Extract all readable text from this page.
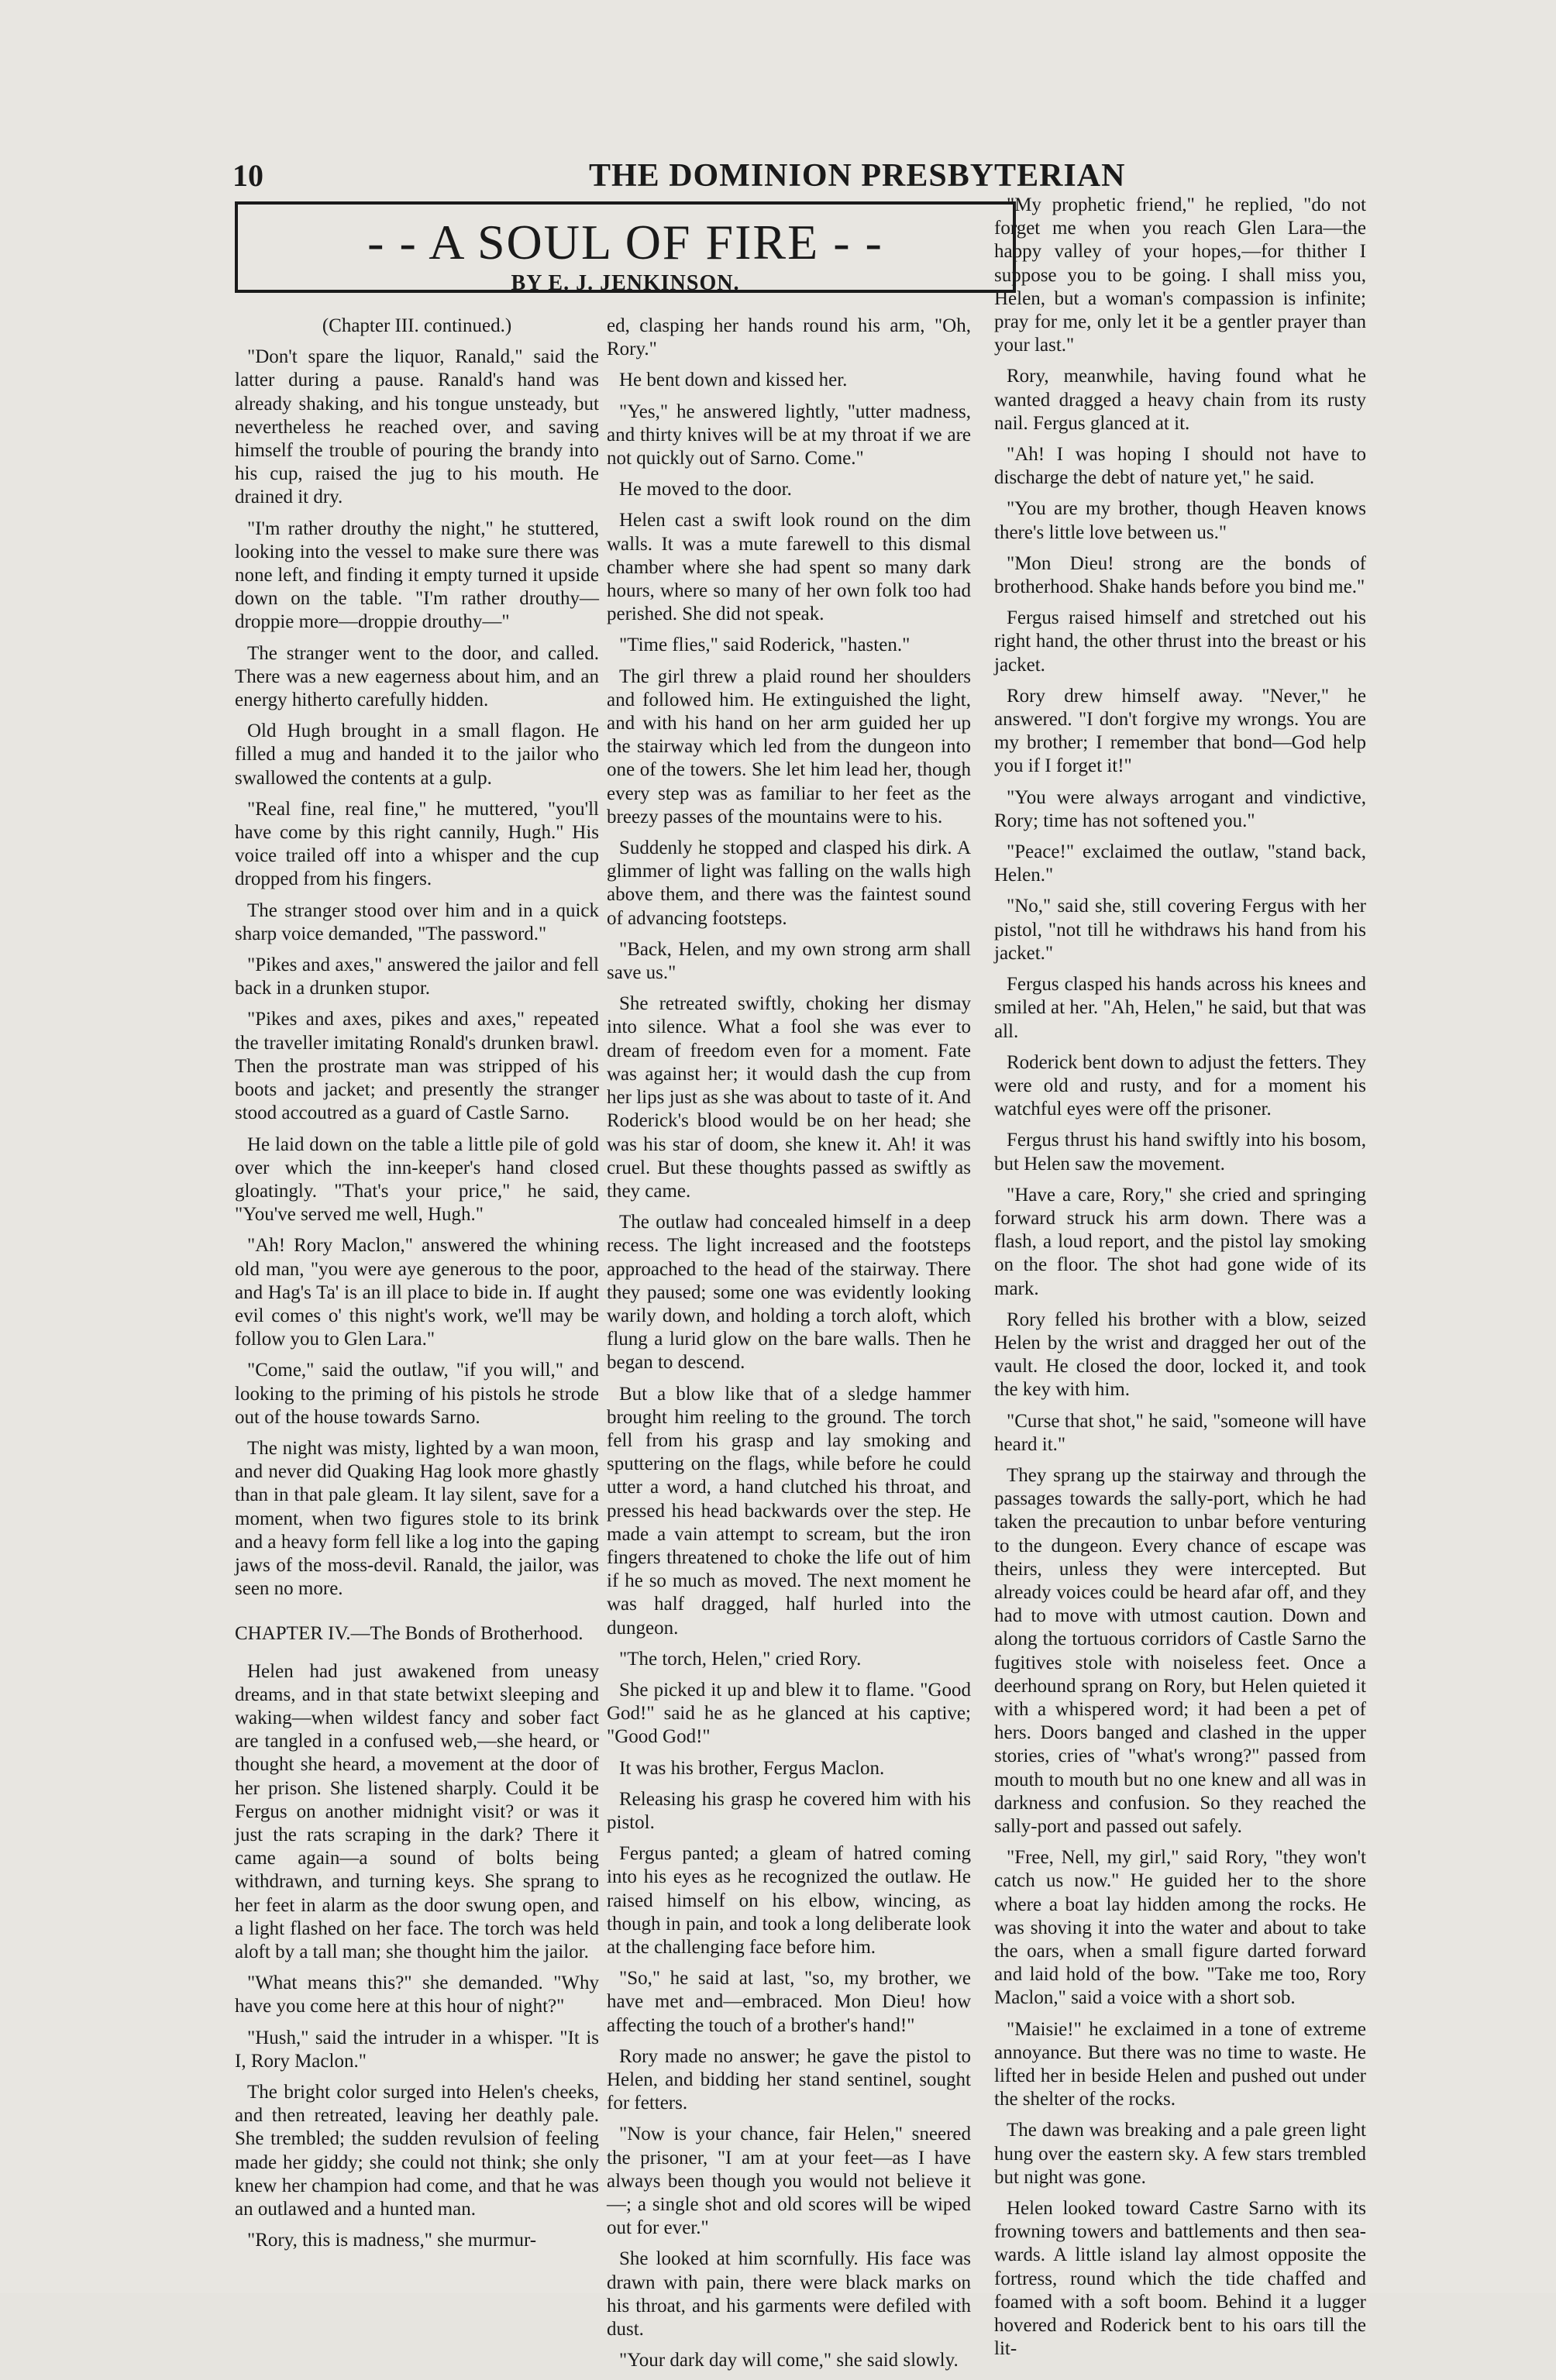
10	THE DOMINION PRESBYTERIAN
- - A SOUL OF FIRE - -
BY E. J. JENKINSON.

(Chapter III. continued.)

"Don't spare the liquor, Ranald," said the latter during a pause. Ranald's hand was already shaking, and his tongue unsteady, but nevertheless he reached over, and saving himself the trouble of pouring the brandy into his cup, raised the jug to his mouth. He drained it dry.

"I'm rather drouthy the night," he stuttered, looking into the vessel to make sure there was none left, and finding it empty turned it upside down on the table. "I'm rather drouthy—droppie more—droppie drouthy—"

The stranger went to the door, and called. There was a new eagerness about him, and an energy hitherto carefully hidden.

Old Hugh brought in a small flagon. He filled a mug and handed it to the jailor who swallowed the contents at a gulp.

"Real fine, real fine," he muttered, "you'll have come by this right cannily, Hugh." His voice trailed off into a whisper and the cup dropped from his fingers.

The stranger stood over him and in a quick sharp voice demanded, "The password."

"Pikes and axes," answered the jailor and fell back in a drunken stupor.

"Pikes and axes, pikes and axes," repeated the traveller imitating Ronald's drunken brawl. Then the prostrate man was stripped of his boots and jacket; and presently the stranger stood accoutred as a guard of Castle Sarno.

He laid down on the table a little pile of gold over which the inn-keeper's hand closed gloatingly. "That's your price," he said, "You've served me well, Hugh."

"Ah! Rory Maclon," answered the whining old man, "you were aye generous to the poor, and Hag's Ta' is an ill place to bide in. If aught evil comes o' this night's work, we'll may be follow you to Glen Lara."

"Come," said the outlaw, "if you will," and looking to the priming of his pistols he strode out of the house towards Sarno.

The night was misty, lighted by a wan moon, and never did Quaking Hag look more ghastly than in that pale gleam. It lay silent, save for a moment, when two figures stole to its brink and a heavy form fell like a log into the gaping jaws of the moss-devil. Ranald, the jailor, was seen no more.

CHAPTER IV.—The Bonds of Brotherhood.

Helen had just awakened from uneasy dreams, and in that state betwixt sleeping and waking—when wildest fancy and sober fact are tangled in a confused web,—she heard, or thought she heard, a movement at the door of her prison. She listened sharply. Could it be Fergus on another midnight visit? or was it just the rats scraping in the dark? There it came again—a sound of bolts being withdrawn, and turning keys. She sprang to her feet in alarm as the door swung open, and a light flashed on her face. The torch was held aloft by a tall man; she thought him the jailor.

"What means this?" she demanded. "Why have you come here at this hour of night?"

"Hush," said the intruder in a whisper. "It is I, Rory Maclon."

The bright color surged into Helen's cheeks, and then retreated, leaving her deathly pale. She trembled; the sudden revulsion of feeling made her giddy; she could not think; she only knew her champion had come, and that he was an outlawed and a hunted man.

"Rory, this is madness," she murmur-

ed, clasping her hands round his arm, "Oh, Rory."

He bent down and kissed her.

"Yes," he answered lightly, "utter madness, and thirty knives will be at my throat if we are not quickly out of Sarno. Come."

He moved to the door.

Helen cast a swift look round on the dim walls. It was a mute farewell to this dismal chamber where she had spent so many dark hours, where so many of her own folk too had perished. She did not speak.

"Time flies," said Roderick, "hasten."

The girl threw a plaid round her shoulders and followed him. He extinguished the light, and with his hand on her arm guided her up the stairway which led from the dungeon into one of the towers. She let him lead her, though every step was as familiar to her feet as the breezy passes of the mountains were to his.

Suddenly he stopped and clasped his dirk. A glimmer of light was falling on the walls high above them, and there was the faintest sound of advancing footsteps.

"Back, Helen, and my own strong arm shall save us."

She retreated swiftly, choking her dismay into silence. What a fool she was ever to dream of freedom even for a moment. Fate was against her; it would dash the cup from her lips just as she was about to taste of it. And Roderick's blood would be on her head; she was his star of doom, she knew it. Ah! it was cruel. But these thoughts passed as swiftly as they came.

The outlaw had concealed himself in a deep recess. The light increased and the footsteps approached to the head of the stairway. There they paused; some one was evidently looking warily down, and holding a torch aloft, which flung a lurid glow on the bare walls. Then he began to descend.

But a blow like that of a sledge hammer brought him reeling to the ground. The torch fell from his grasp and lay smoking and sputtering on the flags, while before he could utter a word, a hand clutched his throat, and pressed his head backwards over the step. He made a vain attempt to scream, but the iron fingers threatened to choke the life out of him if he so much as moved. The next moment he was half dragged, half hurled into the dungeon.

"The torch, Helen," cried Rory.

She picked it up and blew it to flame. "Good God!" said he as he glanced at his captive; "Good God!"

It was his brother, Fergus Maclon.

Releasing his grasp he covered him with his pistol.

Fergus panted; a gleam of hatred coming into his eyes as he recognized the outlaw. He raised himself on his elbow, wincing, as though in pain, and took a long deliberate look at the challenging face before him.

"So," he said at last, "so, my brother, we have met and—embraced. Mon Dieu! how affecting the touch of a brother's hand!"

Rory made no answer; he gave the pistol to Helen, and bidding her stand sentinel, sought for fetters.

"Now is your chance, fair Helen," sneered the prisoner, "I am at your feet—as I have always been though you would not believe it—; a single shot and old scores will be wiped out for ever."

She looked at him scornfully. His face was drawn with pain, there were black marks on his throat, and his garments were defiled with dust.

"Your dark day will come," she said slowly.

"My prophetic friend," he replied, "do not forget me when you reach Glen Lara—the happy valley of your hopes,—for thither I suppose you to be going. I shall miss you, Helen, but a woman's compassion is infinite; pray for me, only let it be a gentler prayer than your last."

Rory, meanwhile, having found what he wanted dragged a heavy chain from its rusty nail. Fergus glanced at it.

"Ah! I was hoping I should not have to discharge the debt of nature yet," he said.

"You are my brother, though Heaven knows there's little love between us."

"Mon Dieu! strong are the bonds of brotherhood. Shake hands before you bind me."

Fergus raised himself and stretched out his right hand, the other thrust into the breast or his jacket.

Rory drew himself away. "Never," he answered. "I don't forgive my wrongs. You are my brother; I remember that bond—God help you if I forget it!"

"You were always arrogant and vindictive, Rory; time has not softened you."

"Peace!" exclaimed the outlaw, "stand back, Helen."

"No," said she, still covering Fergus with her pistol, "not till he withdraws his hand from his jacket."

Fergus clasped his hands across his knees and smiled at her. "Ah, Helen," he said, but that was all.

Roderick bent down to adjust the fetters. They were old and rusty, and for a moment his watchful eyes were off the prisoner.

Fergus thrust his hand swiftly into his bosom, but Helen saw the movement.

"Have a care, Rory," she cried and springing forward struck his arm down. There was a flash, a loud report, and the pistol lay smoking on the floor. The shot had gone wide of its mark.

Rory felled his brother with a blow, seized Helen by the wrist and dragged her out of the vault. He closed the door, locked it, and took the key with him.

"Curse that shot," he said, "someone will have heard it."

They sprang up the stairway and through the passages towards the sally-port, which he had taken the precaution to unbar before venturing to the dungeon. Every chance of escape was theirs, unless they were intercepted. But already voices could be heard afar off, and they had to move with utmost caution. Down and along the tortuous corridors of Castle Sarno the fugitives stole with noiseless feet. Once a deerhound sprang on Rory, but Helen quieted it with a whispered word; it had been a pet of hers. Doors banged and clashed in the upper stories, cries of "what's wrong?" passed from mouth to mouth but no one knew and all was in darkness and confusion. So they reached the sally-port and passed out safely.

"Free, Nell, my girl," said Rory, "they won't catch us now." He guided her to the shore where a boat lay hidden among the rocks. He was shoving it into the water and about to take the oars, when a small figure darted forward and laid hold of the bow. "Take me too, Rory Maclon," said a voice with a short sob.

"Maisie!" he exclaimed in a tone of extreme annoyance. But there was no time to waste. He lifted her in beside Helen and pushed out under the shelter of the rocks.

The dawn was breaking and a pale green light hung over the eastern sky. A few stars trembled but night was gone.

Helen looked toward Castre Sarno with its frowning towers and battlements and then sea-wards. A little island lay almost opposite the fortress, round which the tide chaffed and foamed with a soft boom. Behind it a lugger hovered and Roderick bent to his oars till the lit-
